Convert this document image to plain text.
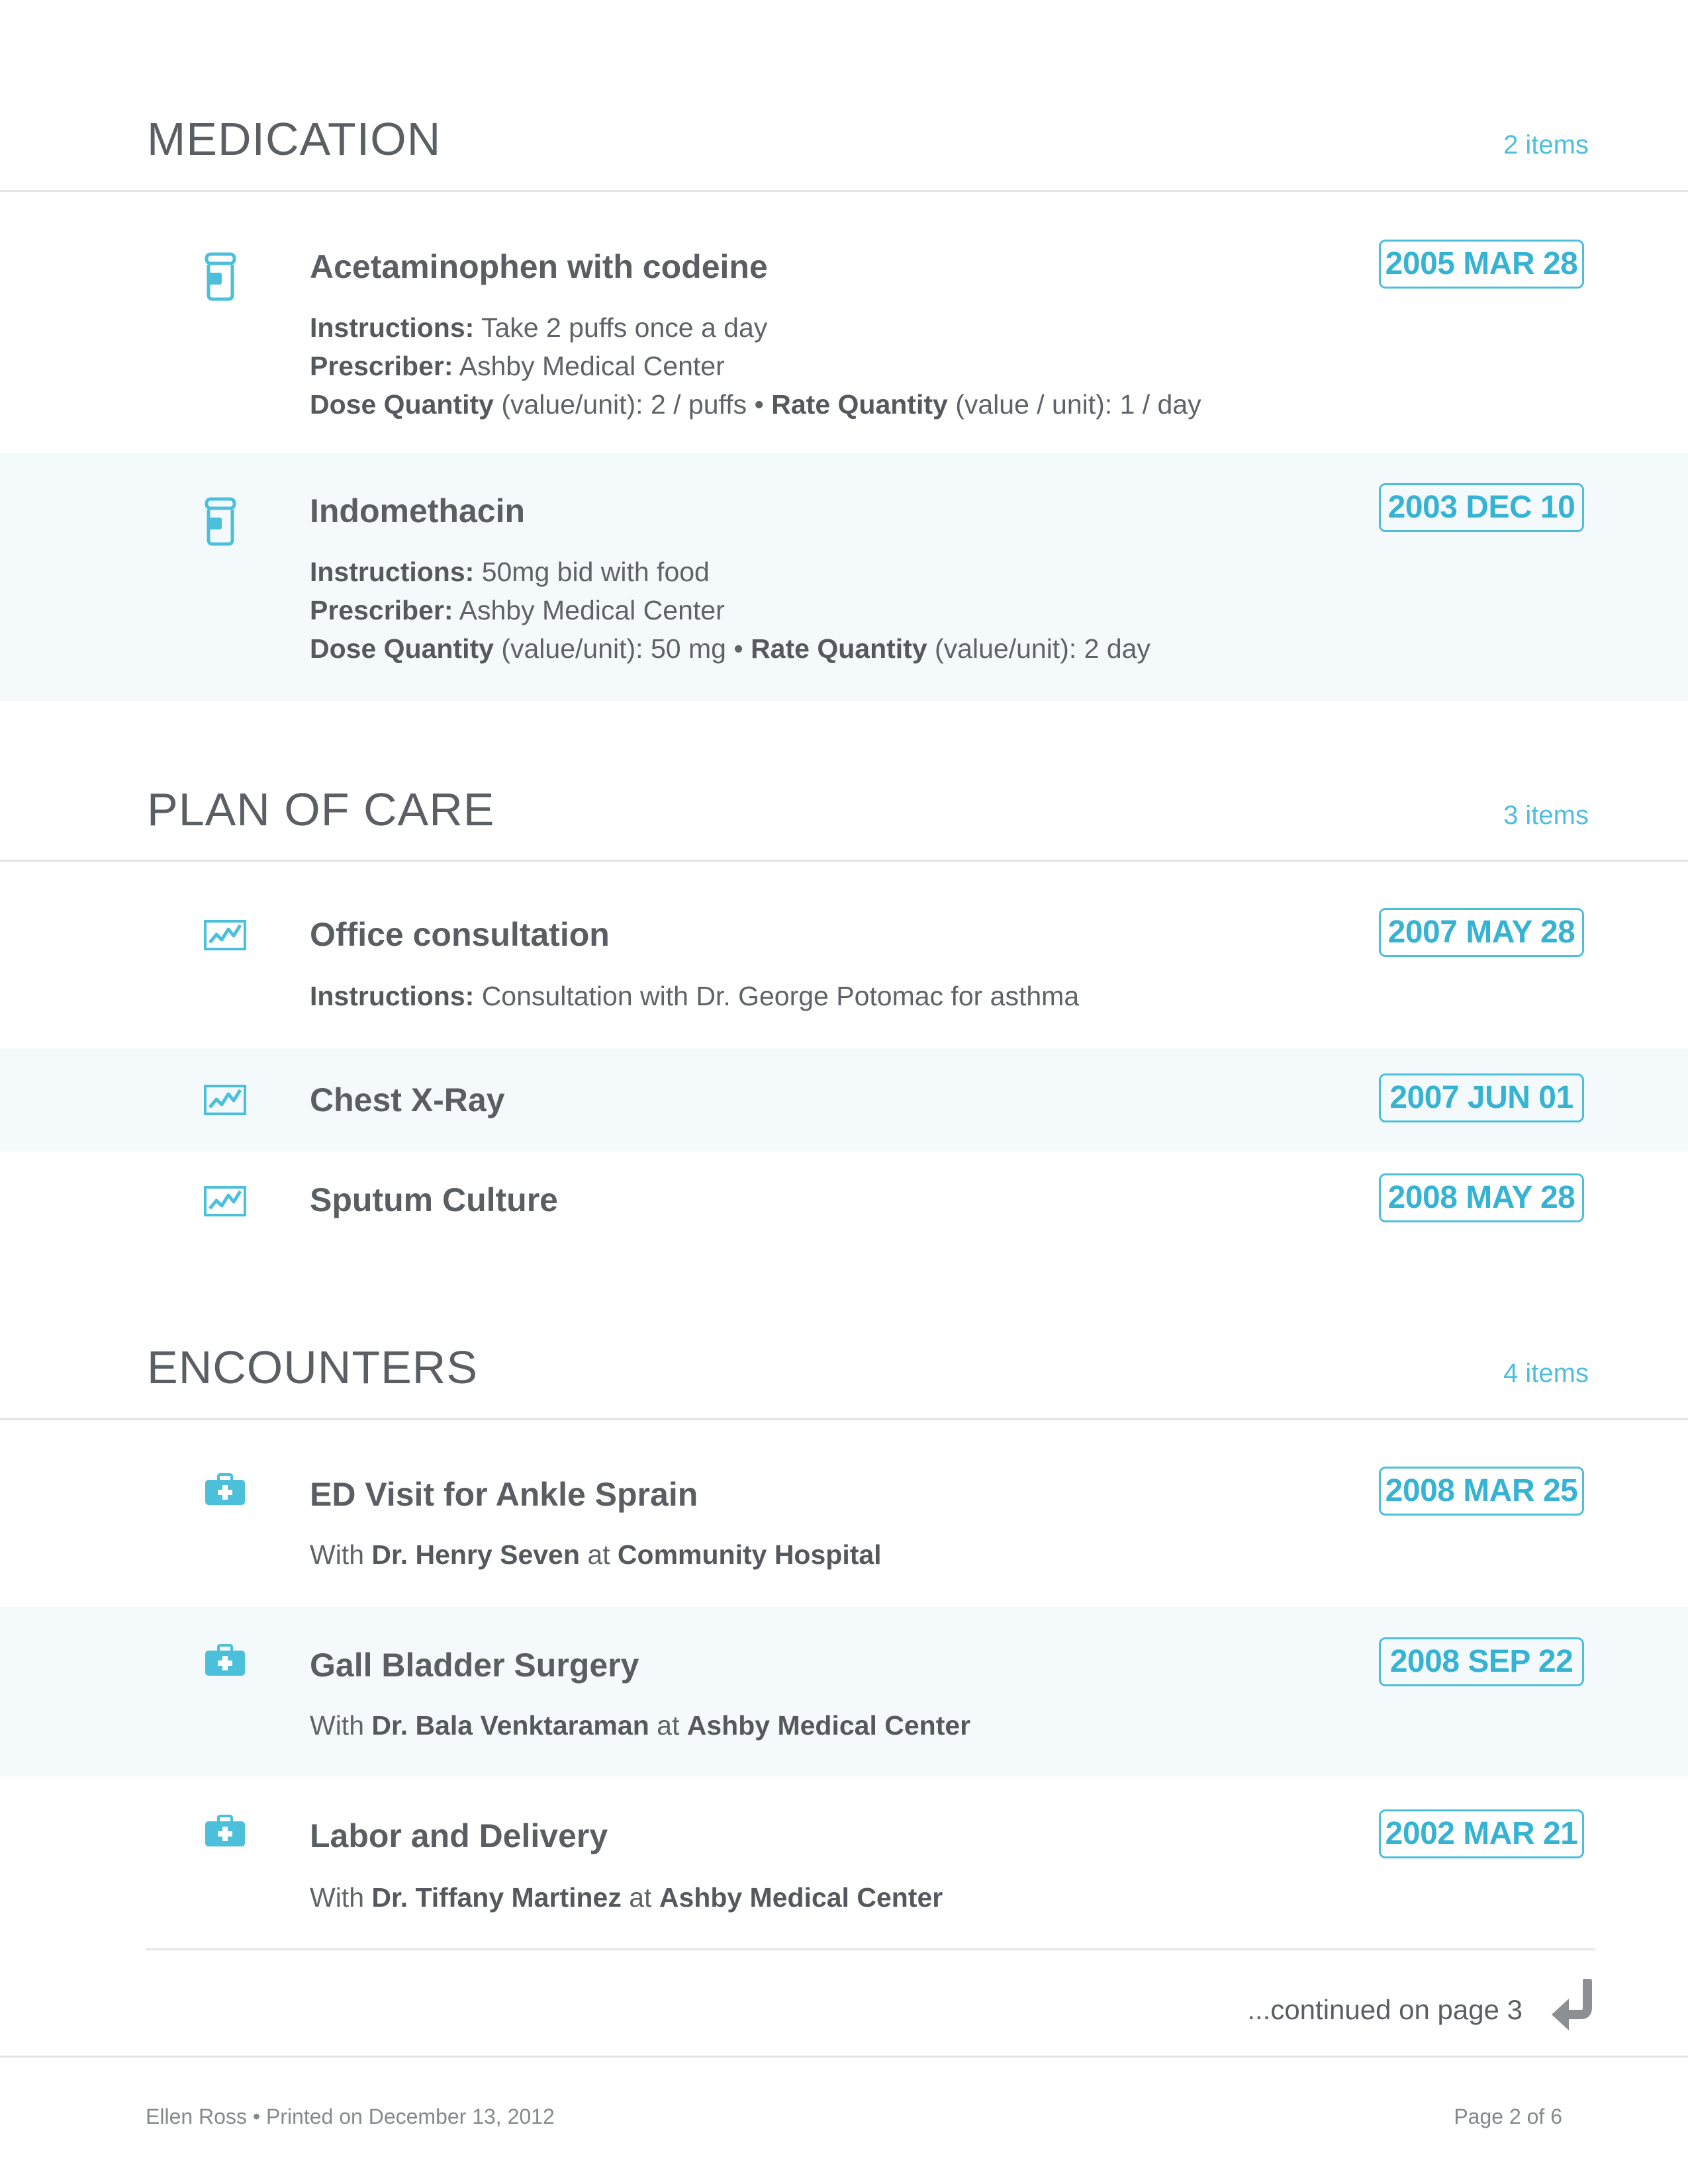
MEDICATION	2 items
Acetaminophen with codeine	2005 MAR 28
Instructions: Take 2 puffs once a day
Prescriber: Ashby Medical Center
Dose Quantity (value/unit): 2 / puffs • Rate Quantity (value / unit): 1 / day
Indomethacin	2003 DEC 10
Instructions: 50mg bid with food
Prescriber: Ashby Medical Center
Dose Quantity (value/unit): 50 mg • Rate Quantity (value/unit): 2 day
PLAN OF CARE	3 items
Office consultation	2007 MAY 28
Instructions: Consultation with Dr. George Potomac for asthma
Chest X-Ray	2007 JUN 01
Sputum Culture	2008 MAY 28
ENCOUNTERS	4 items
ED Visit for Ankle Sprain	2008 MAR 25
With Dr. Henry Seven at Community Hospital
Gall Bladder Surgery	2008 SEP 22
With Dr. Bala Venktaraman at Ashby Medical Center
Labor and Delivery	2002 MAR 21
With Dr. Tiffany Martinez at Ashby Medical Center
...continued on page 3
Ellen Ross • Printed on December 13, 2012	Page 2 of 6
